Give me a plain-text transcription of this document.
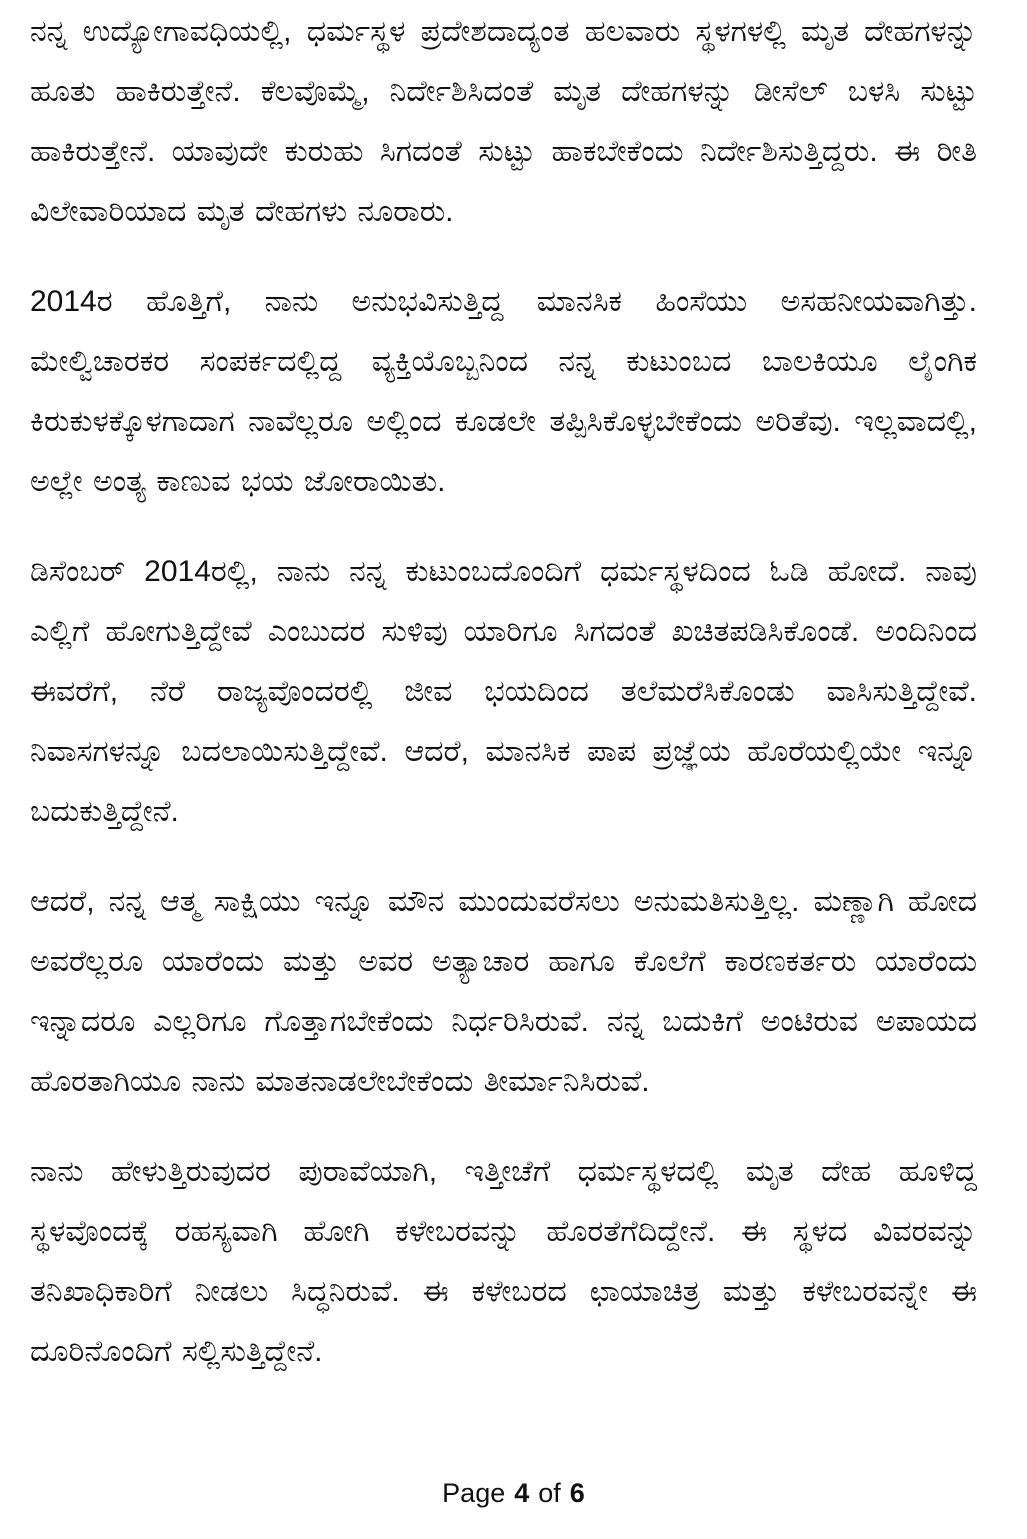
ನನ್ನ ಉದ್ಯೋಗಾವಧಿಯಲ್ಲಿ, ಧರ್ಮಸ್ಥಳ ಪ್ರದೇಶದಾದ್ಯಂತ ಹಲವಾರು ಸ್ಥಳಗಳಲ್ಲಿ ಮೃತ ದೇಹಗಳನ್ನು ಹೂತು ಹಾಕಿರುತ್ತೇನೆ. ಕೆಲವೊಮ್ಮೆ, ನಿರ್ದೇಶಿಸಿದಂತೆ ಮೃತ ದೇಹಗಳನ್ನು ಡೀಸೆಲ್ ಬಳಸಿ ಸುಟ್ಟು ಹಾಕಿರುತ್ತೇನೆ. ಯಾವುದೇ ಕುರುಹು ಸಿಗದಂತೆ ಸುಟ್ಟು ಹಾಕಬೇಕೆಂದು ನಿರ್ದೇಶಿಸುತ್ತಿದ್ದರು. ಈ ರೀತಿ ವಿಲೇವಾರಿಯಾದ ಮೃತ ದೇಹಗಳು ನೂರಾರು.

2014ರ ಹೊತ್ತಿಗೆ, ನಾನು ಅನುಭವಿಸುತ್ತಿದ್ದ ಮಾನಸಿಕ ಹಿಂಸೆಯು ಅಸಹನೀಯವಾಗಿತ್ತು. ಮೇಲ್ವಿಚಾರಕರ ಸಂಪರ್ಕದಲ್ಲಿದ್ದ ವ್ಯಕ್ತಿಯೊಬ್ಬನಿಂದ ನನ್ನ ಕುಟುಂಬದ ಬಾಲಕಿಯೂ ಲೈಂಗಿಕ ಕಿರುಕುಳಕ್ಕೊಳಗಾದಾಗ ನಾವೆಲ್ಲರೂ ಅಲ್ಲಿಂದ ಕೂಡಲೇ ತಪ್ಪಿಸಿಕೊಳ್ಳಬೇಕೆಂದು ಅರಿತೆವು. ಇಲ್ಲವಾದಲ್ಲಿ, ಅಲ್ಲೇ ಅಂತ್ಯ ಕಾಣುವ ಭಯ ಜೋರಾಯಿತು.

ಡಿಸೆಂಬರ್ 2014ರಲ್ಲಿ, ನಾನು ನನ್ನ ಕುಟುಂಬದೊಂದಿಗೆ ಧರ್ಮಸ್ಥಳದಿಂದ ಓಡಿ ಹೋದೆ. ನಾವು ಎಲ್ಲಿಗೆ ಹೋಗುತ್ತಿದ್ದೇವೆ ಎಂಬುದರ ಸುಳಿವು ಯಾರಿಗೂ ಸಿಗದಂತೆ ಖಚಿತಪಡಿಸಿಕೊಂಡೆ. ಅಂದಿನಿಂದ ಈವರೆಗೆ, ನೆರೆ ರಾಜ್ಯವೊಂದರಲ್ಲಿ ಜೀವ ಭಯದಿಂದ ತಲೆಮರೆಸಿಕೊಂಡು ವಾಸಿಸುತ್ತಿದ್ದೇವೆ. ನಿವಾಸಗಳನ್ನೂ ಬದಲಾಯಿಸುತ್ತಿದ್ದೇವೆ. ಆದರೆ, ಮಾನಸಿಕ ಪಾಪ ಪ್ರಜ್ಞೆಯ ಹೊರೆಯಲ್ಲಿಯೇ ಇನ್ನೂ ಬದುಕುತ್ತಿದ್ದೇನೆ.

ಆದರೆ, ನನ್ನ ಆತ್ಮ ಸಾಕ್ಷಿಯು ಇನ್ನೂ ಮೌನ ಮುಂದುವರೆಸಲು ಅನುಮತಿಸುತ್ತಿಲ್ಲ. ಮಣ್ಣಾಗಿ ಹೋದ ಅವರೆಲ್ಲರೂ ಯಾರೆಂದು ಮತ್ತು ಅವರ ಅತ್ಯಾಚಾರ ಹಾಗೂ ಕೊಲೆಗೆ ಕಾರಣಕರ್ತರು ಯಾರೆಂದು ಇನ್ನಾದರೂ ಎಲ್ಲರಿಗೂ ಗೊತ್ತಾಗಬೇಕೆಂದು ನಿರ್ಧರಿಸಿರುವೆ. ನನ್ನ ಬದುಕಿಗೆ ಅಂಟಿರುವ ಅಪಾಯದ ಹೊರತಾಗಿಯೂ ನಾನು ಮಾತನಾಡಲೇಬೇಕೆಂದು ತೀರ್ಮಾನಿಸಿರುವೆ.

ನಾನು ಹೇಳುತ್ತಿರುವುದರ ಪುರಾವೆಯಾಗಿ, ಇತ್ತೀಚೆಗೆ ಧರ್ಮಸ್ಥಳದಲ್ಲಿ ಮೃತ ದೇಹ ಹೂಳಿದ್ದ ಸ್ಥಳವೊಂದಕ್ಕೆ ರಹಸ್ಯವಾಗಿ ಹೋಗಿ ಕಳೇಬರವನ್ನು ಹೊರತೆಗೆದಿದ್ದೇನೆ. ಈ ಸ್ಥಳದ ವಿವರವನ್ನು ತನಿಖಾಧಿಕಾರಿಗೆ ನೀಡಲು ಸಿದ್ಧನಿರುವೆ. ಈ ಕಳೇಬರದ ಛಾಯಾಚಿತ್ರ ಮತ್ತು ಕಳೇಬರವನ್ನೇ ಈ ದೂರಿನೊಂದಿಗೆ ಸಲ್ಲಿಸುತ್ತಿದ್ದೇನೆ.

Page 4 of 6
